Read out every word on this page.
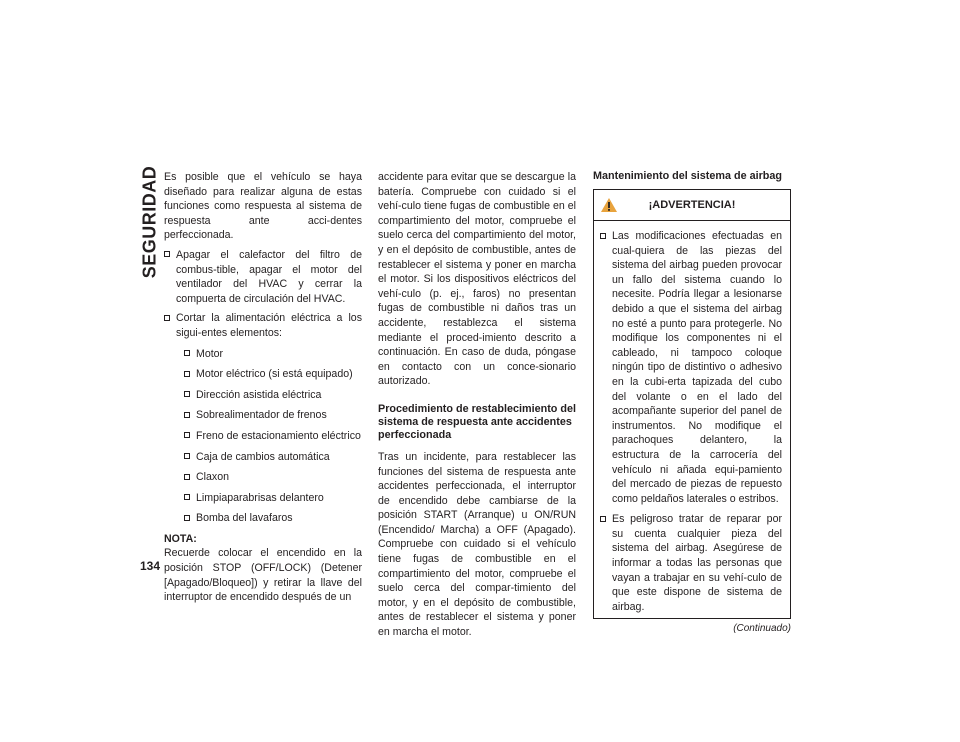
SEGURIDAD
134

Es posible que el vehículo se haya diseñado para realizar alguna de estas funciones como respuesta al sistema de respuesta ante acci-dentes perfeccionada.

Apagar el calefactor del filtro de combus-tible, apagar el motor del ventilador del HVAC y cerrar la compuerta de circulación del HVAC.
Cortar la alimentación eléctrica a los sigui-entes elementos:
Motor
Motor eléctrico (si está equipado)
Dirección asistida eléctrica
Sobrealimentador de frenos
Freno de estacionamiento eléctrico
Caja de cambios automática
Claxon
Limpiaparabrisas delantero
Bomba del lavafaros
NOTA:

Recuerde colocar el encendido en la posición STOP (OFF/LOCK) (Detener [Apagado/Bloqueo]) y retirar la llave del interruptor de encendido después de un

accidente para evitar que se descargue la batería. Compruebe con cuidado si el vehí-culo tiene fugas de combustible en el compartimiento del motor, compruebe el suelo cerca del compartimiento del motor, y en el depósito de combustible, antes de restablecer el sistema y poner en marcha el motor. Si los dispositivos eléctricos del vehí-culo (p. ej., faros) no presentan fugas de combustible ni daños tras un accidente, restablezca el sistema mediante el proced-imiento descrito a continuación. En caso de duda, póngase en contacto con un conce-sionario autorizado.

Procedimiento de restablecimiento del sistema de respuesta ante accidentes perfeccionada

Tras un incidente, para restablecer las funciones del sistema de respuesta ante accidentes perfeccionada, el interruptor de encendido debe cambiarse de la posición START (Arranque) u ON/RUN (Encendido/ Marcha) a OFF (Apagado). Compruebe con cuidado si el vehículo tiene fugas de combustible en el compartimiento del motor, compruebe el suelo cerca del compar-timiento del motor, y en el depósito de combustible, antes de restablecer el sistema y poner en marcha el motor.

Mantenimiento del sistema de airbag
¡ADVERTENCIA!
Las modificaciones efectuadas en cual-quiera de las piezas del sistema del airbag pueden provocar un fallo del sistema cuando lo necesite. Podría llegar a lesionarse debido a que el sistema del airbag no esté a punto para protegerle. No modifique los componentes ni el cableado, ni tampoco coloque ningún tipo de distintivo o adhesivo en la cubi-erta tapizada del cubo del volante o en el lado del acompañante superior del panel de instrumentos. No modifique el parachoques delantero, la estructura de la carrocería del vehículo ni añada equi-pamiento del mercado de piezas de repuesto como peldaños laterales o estribos.
Es peligroso tratar de reparar por su cuenta cualquier pieza del sistema del airbag. Asegúrese de informar a todas las personas que vayan a trabajar en su vehí-culo de que este dispone de sistema de airbag.
(Continuado)
